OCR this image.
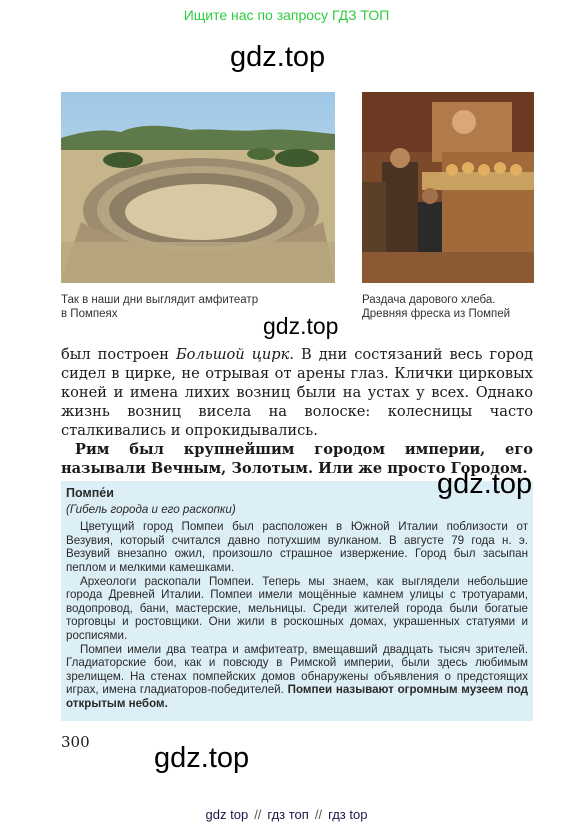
Ищите нас по запросу ГДЗ ТОП
gdz.top
Так в наши дни выглядит амфитеатр
в Помпеях
Раздача дарового хлеба.
Древняя фреска из Помпей
gdz.top

был построен Большой цирк. В дни состязаний весь город сидел в цирке, не отрывая от арены глаз. Клички цирковых коней и имена лихих возниц были на устах у всех. Однако жизнь возниц висела на волоске: колесницы часто сталкивались и опрокидывались.

Рим был крупнейшим городом империи, его называли Вечным, Золотым. Или же просто Городом.

Помпе́и
(Гибель города и его раскопки)

Цветущий город Помпеи был расположен в Южной Италии поблизости от Везувия, который считался давно потухшим вулканом. В августе 79 года н. э. Везувий внезапно ожил, произошло страшное извержение. Город был засыпан пеплом и мелкими камешками.

Археологи раскопали Помпеи. Теперь мы знаем, как выглядели небольшие города Древней Италии. Помпеи имели мощённые камнем улицы с тротуарами, водопровод, бани, мастерские, мельницы. Среди жителей города были богатые торговцы и ростовщики. Они жили в роскошных домах, украшенных статуями и росписями.

Помпеи имели два театра и амфитеатр, вмещавший двадцать тысяч зрителей. Гладиаторские бои, как и повсюду в Римской империи, были здесь любимым зрелищем. На стенах помпейских домов обнаружены объявления о предстоящих играх, имена гладиаторов-победителей. Помпеи называют огромным музеем под открытым небом.

gdz.top
300 gdz.top
gdz top // гдз топ // гдз top
